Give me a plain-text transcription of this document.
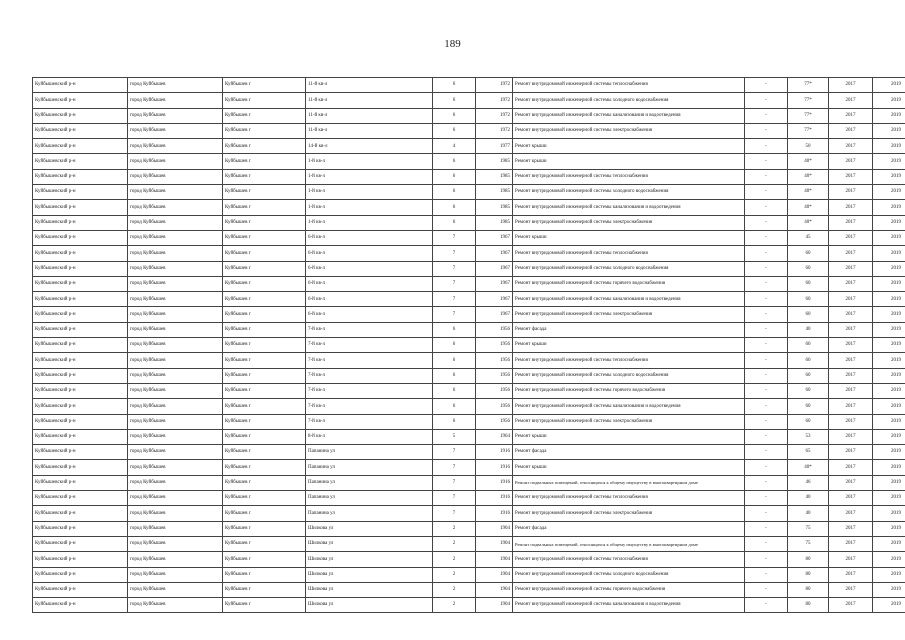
189
Куйбышевский р-н	город Куйбышев	Куйбышев г	11-й кв-л	6	1972	Ремонт внутридомовой инженерной системы теплоснабжения	-	77*	2017	2019
Куйбышевский р-н	город Куйбышев	Куйбышев г	11-й кв-л	6	1972	Ремонт внутридомовой инженерной системы холодного водоснабжения	-	77*	2017	2019
Куйбышевский р-н	город Куйбышев	Куйбышев г	11-й кв-л	6	1972	Ремонт внутридомовой инженерной системы канализования и водоотведения	-	77*	2017	2019
Куйбышевский р-н	город Куйбышев	Куйбышев г	11-й кв-л	6	1972	Ремонт внутридомовой инженерной системы электроснабжения	-	77*	2017	2019
Куйбышевский р-н	город Куйбышев	Куйбышев г	14-й кв-л	4	1977	Ремонт крыши	-	50	2017	2019
Куйбышевский р-н	город Куйбышев	Куйбышев г	1-й кв-л	6	1985	Ремонт крыши	-	40*	2017	2019
Куйбышевский р-н	город Куйбышев	Куйбышев г	1-й кв-л	6	1985	Ремонт внутридомовой инженерной системы теплоснабжения	-	40*	2017	2019
Куйбышевский р-н	город Куйбышев	Куйбышев г	1-й кв-л	6	1985	Ремонт внутридомовой инженерной системы холодного водоснабжения	-	40*	2017	2019
Куйбышевский р-н	город Куйбышев	Куйбышев г	1-й кв-л	6	1985	Ремонт внутридомовой инженерной системы канализования и водоотведения	-	40*	2017	2019
Куйбышевский р-н	город Куйбышев	Куйбышев г	1-й кв-л	6	1985	Ремонт внутридомовой инженерной системы электроснабжения	-	40*	2017	2019
Куйбышевский р-н	город Куйбышев	Куйбышев г	6-й кв-л	7	1967	Ремонт крыши	-	45	2017	2019
Куйбышевский р-н	город Куйбышев	Куйбышев г	6-й кв-л	7	1967	Ремонт внутридомовой инженерной системы теплоснабжения	-	60	2017	2019
Куйбышевский р-н	город Куйбышев	Куйбышев г	6-й кв-л	7	1967	Ремонт внутридомовой инженерной системы холодного водоснабжения	-	60	2017	2019
Куйбышевский р-н	город Куйбышев	Куйбышев г	6-й кв-л	7	1967	Ремонт внутридомовой инженерной системы горячего водоснабжения	-	60	2017	2019
Куйбышевский р-н	город Куйбышев	Куйбышев г	6-й кв-л	7	1967	Ремонт внутридомовой инженерной системы канализования и водоотведения	-	60	2017	2019
Куйбышевский р-н	город Куйбышев	Куйбышев г	6-й кв-л	7	1967	Ремонт внутридомовой инженерной системы электроснабжения	-	60	2017	2019
Куйбышевский р-н	город Куйбышев	Куйбышев г	7-й кв-л	6	1956	Ремонт фасада	-	40	2017	2019
Куйбышевский р-н	город Куйбышев	Куйбышев г	7-й кв-л	6	1956	Ремонт крыши	-	60	2017	2019
Куйбышевский р-н	город Куйбышев	Куйбышев г	7-й кв-л	6	1956	Ремонт внутридомовой инженерной системы теплоснабжения	-	60	2017	2019
Куйбышевский р-н	город Куйбышев	Куйбышев г	7-й кв-л	6	1956	Ремонт внутридомовой инженерной системы холодного водоснабжения	-	60	2017	2019
Куйбышевский р-н	город Куйбышев	Куйбышев г	7-й кв-л	6	1956	Ремонт внутридомовой инженерной системы горячего водоснабжения	-	60	2017	2019
Куйбышевский р-н	город Куйбышев	Куйбышев г	7-й кв-л	6	1956	Ремонт внутридомовой инженерной системы канализования и водоотведения	-	60	2017	2019
Куйбышевский р-н	город Куйбышев	Куйбышев г	7-й кв-л	6	1956	Ремонт внутридомовой инженерной системы электроснабжения	-	60	2017	2019
Куйбышевский р-н	город Куйбышев	Куйбышев г	8-й кв-л	5	1964	Ремонт крыши	-	53	2017	2019
Куйбышевский р-н	город Куйбышев	Куйбышев г	Папанина ул	7	1916	Ремонт фасада	-	65	2017	2019
Куйбышевский р-н	город Куйбышев	Куйбышев г	Папанина ул	7	1916	Ремонт крыши	-	40*	2017	2019
Куйбышевский р-н	город Куйбышев	Куйбышев г	Папанина ул	7	1916	Ремонт подвальных помещений, относящихся к общему имуществу в многоквартирном доме	-	46	2017	2019
Куйбышевский р-н	город Куйбышев	Куйбышев г	Папанина ул	7	1916	Ремонт внутридомовой инженерной системы теплоснабжения	-	40	2017	2019
Куйбышевский р-н	город Куйбышев	Куйбышев г	Папанина ул	7	1916	Ремонт внутридомовой инженерной системы электроснабжения	-	40	2017	2019
Куйбышевский р-н	город Куйбышев	Куйбышев г	Шилкова ул	2	1904	Ремонт фасада	-	75	2017	2019
Куйбышевский р-н	город Куйбышев	Куйбышев г	Шилкова ул	2	1904	Ремонт подвальных помещений, относящихся к общему имуществу в многоквартирном доме	-	75	2017	2019
Куйбышевский р-н	город Куйбышев	Куйбышев г	Шилкова ул	2	1904	Ремонт внутридомовой инженерной системы теплоснабжения	-	80	2017	2019
Куйбышевский р-н	город Куйбышев	Куйбышев г	Шилкова ул	2	1904	Ремонт внутридомовой инженерной системы холодного водоснабжения	-	80	2017	2019
Куйбышевский р-н	город Куйбышев	Куйбышев г	Шилкова ул	2	1904	Ремонт внутридомовой инженерной системы горячего водоснабжения	-	80	2017	2019
Куйбышевский р-н	город Куйбышев	Куйбышев г	Шилкова ул	2	1904	Ремонт внутридомовой инженерной системы канализования и водоотведения	-	80	2017	2019
